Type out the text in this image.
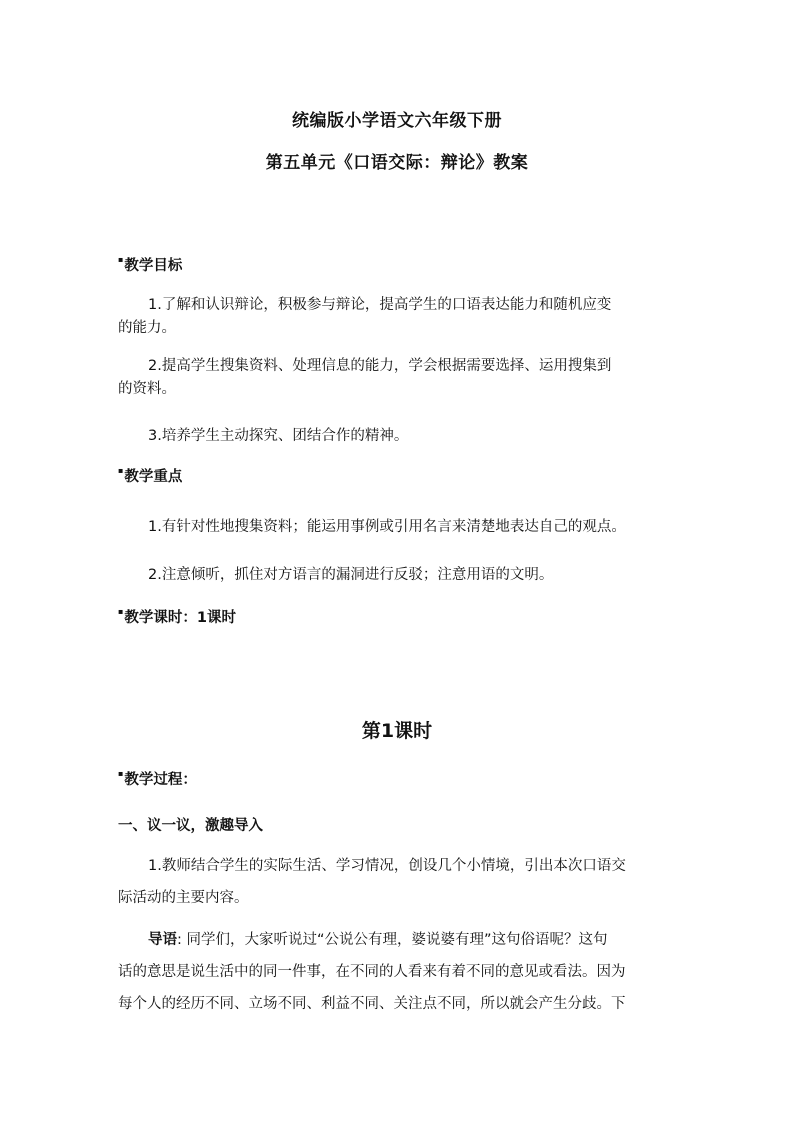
统编版小学语文六年级下册
第五单元《口语交际：辩论》教案
▪教学目标

1.了解和认识辩论，积极参与辩论，提高学生的口语表达能力和随机应变

的能力。

2.提高学生搜集资料、处理信息的能力，学会根据需要选择、运用搜集到

的资料。

3.培养学生主动探究、团结合作的精神。

▪教学重点

1.有针对性地搜集资料；能运用事例或引用名言来清楚地表达自己的观点。

2.注意倾听，抓住对方语言的漏洞进行反驳；注意用语的文明。

▪教学课时：1课时
第1课时
▪教学过程：
一、议一议，激趣导入

1.教师结合学生的实际生活、学习情况，创设几个小情境，引出本次口语交

际活动的主要内容。

导语: 同学们，大家听说过“公说公有理，婆说婆有理”这句俗语呢？这句

话的意思是说生活中的同一件事，在不同的人看来有着不同的意见或看法。因为

每个人的经历不同、立场不同、利益不同、关注点不同，所以就会产生分歧。下
